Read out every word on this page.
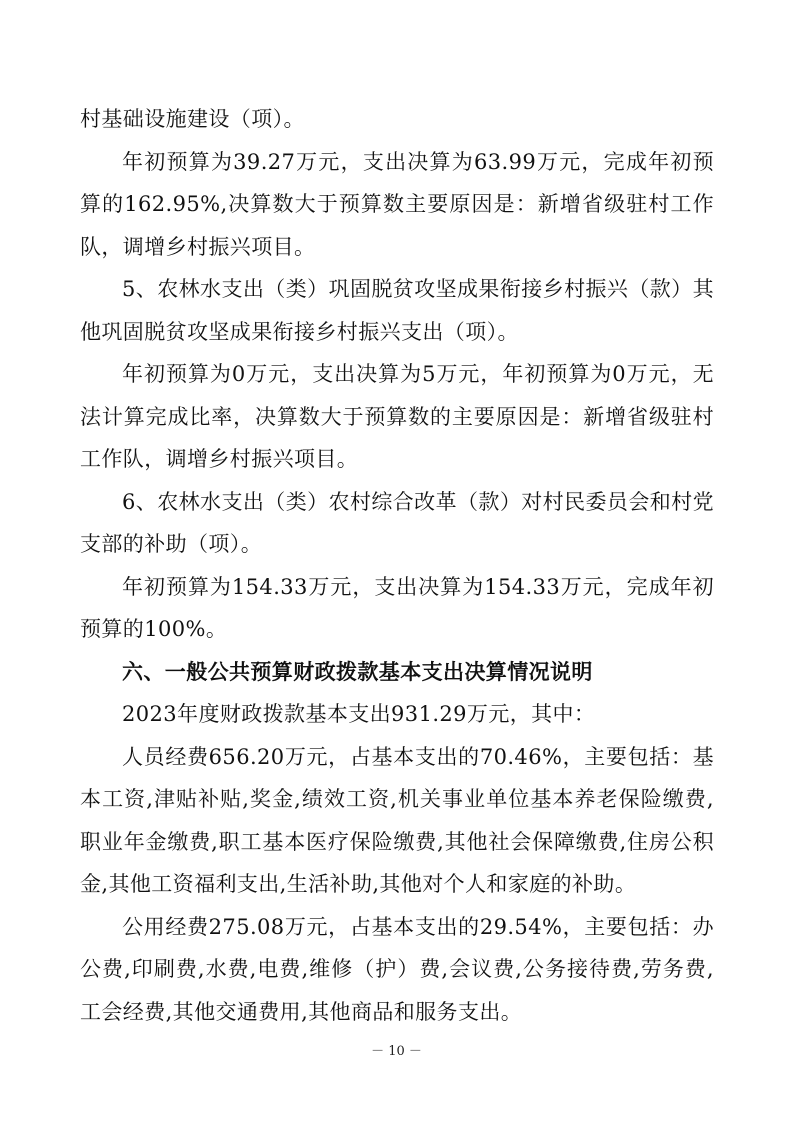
村基础设施建设（项）。

年初预算为39.27万元，支出决算为63.99万元，完成年初预算的162.95%,决算数大于预算数主要原因是：新增省级驻村工作队，调增乡村振兴项目。

5、农林水支出（类）巩固脱贫攻坚成果衔接乡村振兴（款）其他巩固脱贫攻坚成果衔接乡村振兴支出（项）。

年初预算为0万元，支出决算为5万元，年初预算为0万元，无法计算完成比率，决算数大于预算数的主要原因是：新增省级驻村工作队，调增乡村振兴项目。

6、农林水支出（类）农村综合改革（款）对村民委员会和村党支部的补助（项）。

年初预算为154.33万元，支出决算为154.33万元，完成年初预算的100%。

六、一般公共预算财政拨款基本支出决算情况说明

2023年度财政拨款基本支出931.29万元，其中：

人员经费656.20万元，占基本支出的70.46%，主要包括：基本工资,津贴补贴,奖金,绩效工资,机关事业单位基本养老保险缴费,职业年金缴费,职工基本医疗保险缴费,其他社会保障缴费,住房公积金,其他工资福利支出,生活补助,其他对个人和家庭的补助。

公用经费275.08万元，占基本支出的29.54%，主要包括：办公费,印刷费,水费,电费,维修（护）费,会议费,公务接待费,劳务费,工会经费,其他交通费用,其他商品和服务支出。

－ 10 －
